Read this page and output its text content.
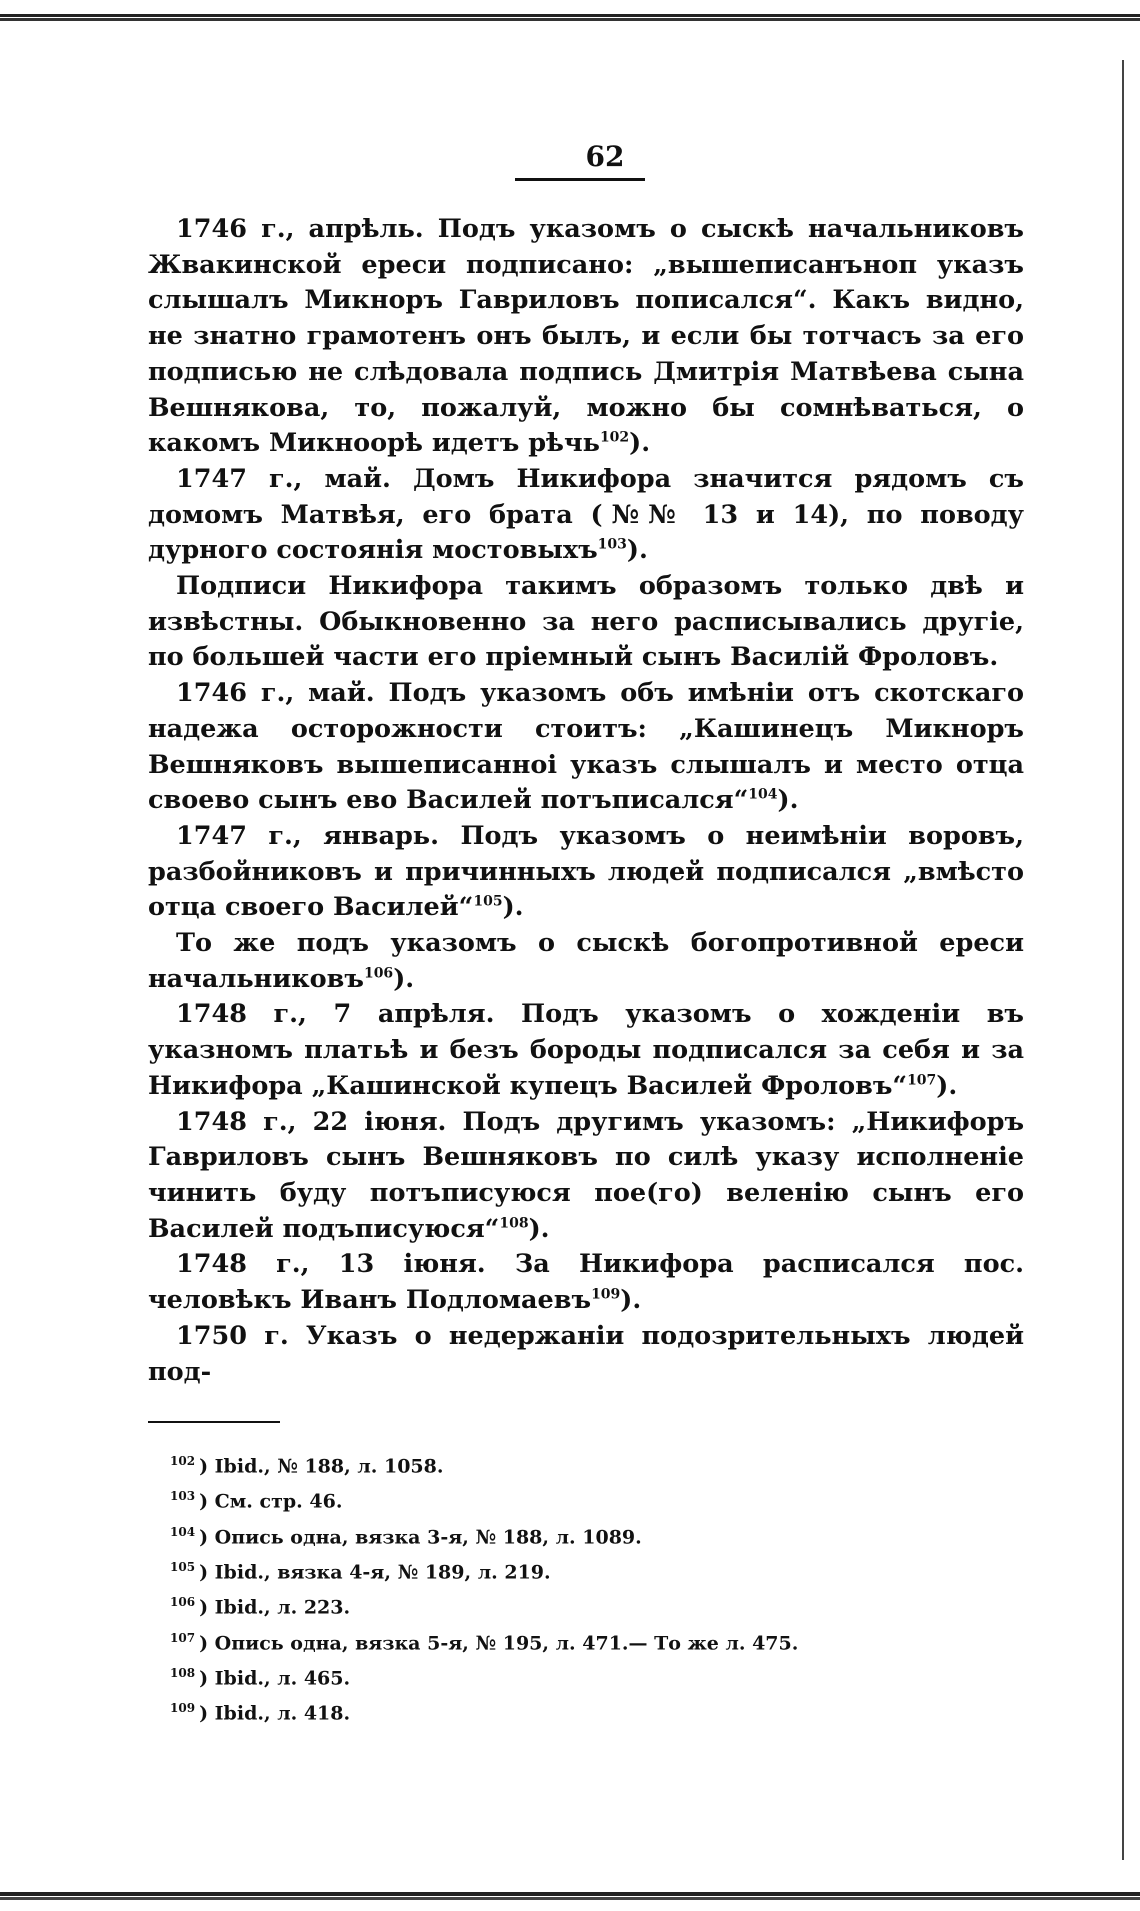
62

1746 г., апрѣль. Подъ указомъ о сыскѣ начальниковъ Жвакинской ереси подписано: „вышеписанъноп указъ слышалъ Микноръ Гавриловъ пописался“. Какъ видно, не знатно грамотенъ онъ былъ, и если бы тотчасъ за его подписью не слѣдовала подпись Дмитрія Матвѣева сына Вешнякова, то, пожалуй, можно бы сомнѣваться, о какомъ Микноорѣ идетъ рѣчь$^{102}$).

1747 г., май. Домъ Никифора значится рядомъ съ домомъ Матвѣя, его брата (№№ 13 и 14), по поводу дурного состоянія мостовыхъ$^{103}$).

Подписи Никифора такимъ образомъ только двѣ и извѣстны. Обыкновенно за него расписывались другіе, по большей части его пріемный сынъ Василій Фроловъ.

1746 г., май. Подъ указомъ объ имѣніи отъ скотскаго надежа осторожности стоитъ: „Кашинецъ Микноръ Вешняковъ вышеписанноi указъ слышалъ и место отца своево сынъ ево Василей потъписался“$^{104}$).

1747 г., январь. Подъ указомъ о неимѣніи воровъ, разбойниковъ и причинныхъ людей подписался „вмѣсто отца своего Василей“$^{105}$).

То же подъ указомъ о сыскѣ богопротивной ереси начальниковъ$^{106}$).

1748 г., 7 апрѣля. Подъ указомъ о хожденіи въ указномъ платьѣ и безъ бороды подписался за себя и за Никифора „Кашинской купецъ Василей Фроловъ“$^{107}$).

1748 г., 22 іюня. Подъ другимъ указомъ: „Никифоръ Гавриловъ сынъ Вешняковъ по силѣ указу исполненіе чинить буду потъписуюся пое(го) веленію сынъ его Василей подъписуюся“$^{108}$).

1748 г., 13 іюня. За Никифора расписался пос. человѣкъ Иванъ Подломаевъ$^{109}$).

1750 г. Указъ о недержаніи подозрительныхъ людей под-

$^{102}$ ) Ibid., № 188, л. 1058.

$^{103}$ ) См. стр. 46.

$^{104}$ ) Опись одна, вязка 3-я, № 188, л. 1089.

$^{105}$ ) Ibid., вязка 4-я, № 189, л. 219.

$^{106}$ ) Ibid., л. 223.

$^{107}$ ) Опись одна, вязка 5-я, № 195, л. 471.— То же л. 475.

$^{108}$ ) Ibid., л. 465.

$^{109}$ ) Ibid., л. 418.
